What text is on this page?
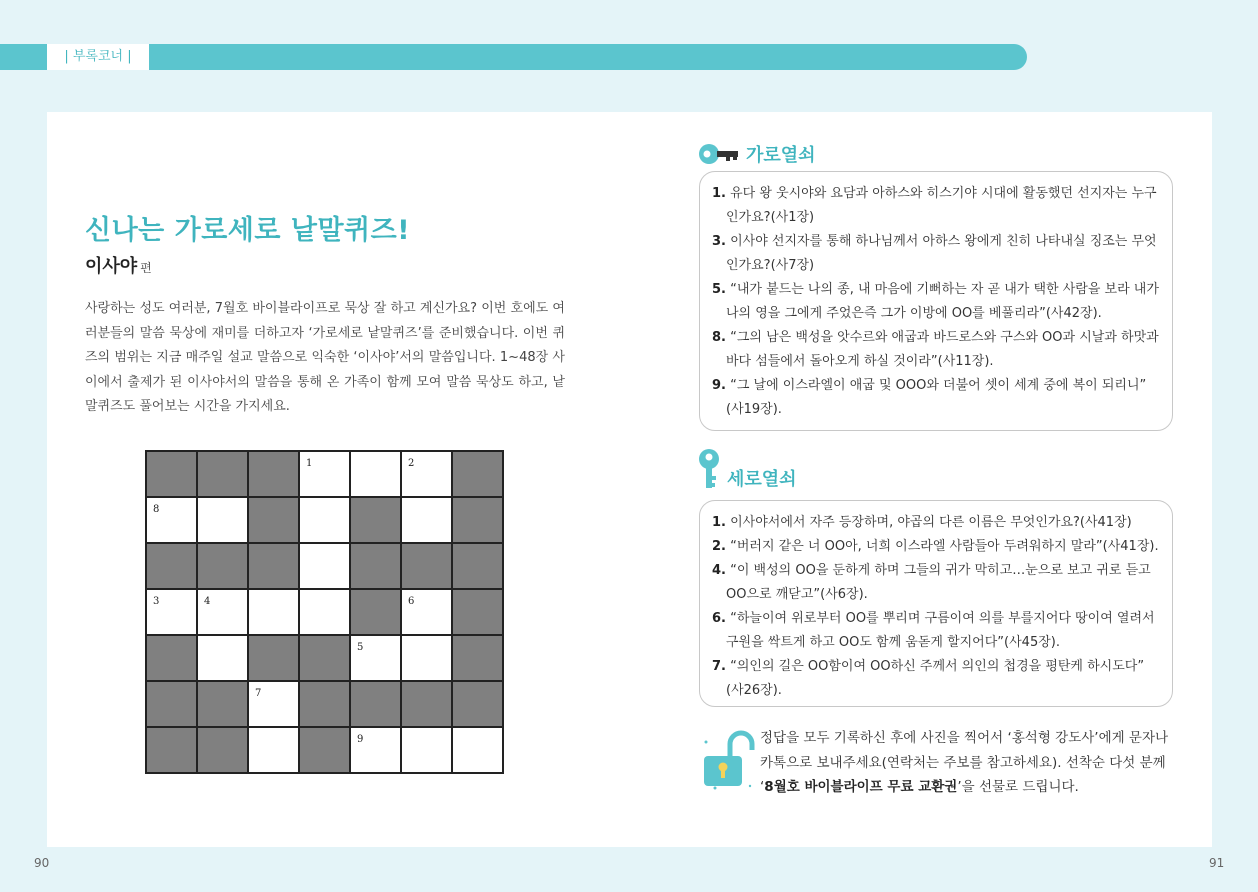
| 부록코너 |
90	91
신나는 가로세로 낱말퀴즈!
이사야 편

사랑하는 성도 여러분, 7월호 바이블라이프로 묵상 잘 하고 계신가요? 이번 호에도 여러분들의 말씀 묵상에 재미를 더하고자 ‘가로세로 낱말퀴즈’를 준비했습니다. 이번 퀴즈의 범위는 지금 매주일 설교 말씀으로 익숙한 ‘이사야’서의 말씀입니다. 1~48장 사이에서 출제가 된 이사야서의 말씀을 통해 온 가족이 함께 모여 말씀 묵상도 하고, 낱말퀴즈도 풀어보는 시간을 가지세요.

1	2
8
3	4	6
5
7
9
가로열쇠

1. 유다 왕 웃시야와 요담과 아하스와 히스기야 시대에 활동했던 선지자는 누구인가요?(사1장)

3. 이사야 선지자를 통해 하나님께서 아하스 왕에게 친히 나타내실 징조는 무엇인가요?(사7장)

5. “내가 붙드는 나의 종, 내 마음에 기뻐하는 자 곧 내가 택한 사람을 보라 내가 나의 영을 그에게 주었은즉 그가 이방에 OO를 베풀리라”(사42장).

8. “그의 남은 백성을 앗수르와 애굽과 바드로스와 구스와 OO과 시날과 하맛과 바다 섬들에서 돌아오게 하실 것이라”(사11장).

9. “그 날에 이스라엘이 애굽 및 OOO와 더불어 셋이 세계 중에 복이 되리니” (사19장).

세로열쇠

1. 이사야서에서 자주 등장하며, 야곱의 다른 이름은 무엇인가요?(사41장)

2. “버러지 같은 너 OO아, 너희 이스라엘 사람들아 두려워하지 말라”(사41장).

4. “이 백성의 OO을 둔하게 하며 그들의 귀가 막히고…눈으로 보고 귀로 듣고 OO으로 깨닫고”(사6장).

6. “하늘이여 위로부터 OO를 뿌리며 구름이여 의를 부를지어다 땅이여 열려서 구원을 싹트게 하고 OO도 함께 움돋게 할지어다”(사45장).

7. “의인의 길은 OO함이여 OO하신 주께서 의인의 첩경을 평탄케 하시도다” (사26장).

정답을 모두 기록하신 후에 사진을 찍어서 ‘홍석형 강도사’에게 문자나 카톡으로 보내주세요(연락처는 주보를 참고하세요). 선착순 다섯 분께 ‘8월호 바이블라이프 무료 교환권’을 선물로 드립니다.
